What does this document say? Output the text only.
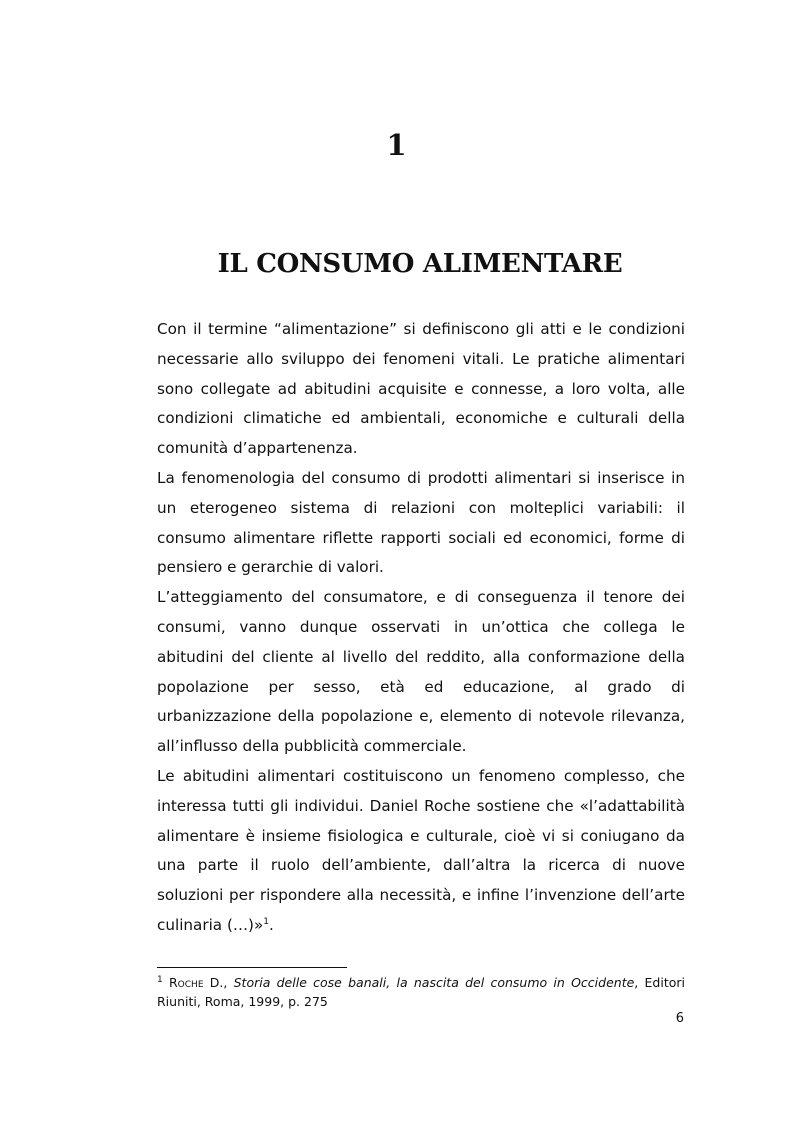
1
IL CONSUMO ALIMENTARE

Con il termine “alimentazione” si definiscono gli atti e le condizioni necessarie allo sviluppo dei fenomeni vitali. Le pratiche alimentari sono collegate ad abitudini acquisite e connesse, a loro volta, alle condizioni climatiche ed ambientali, economiche e culturali della comunità d’appartenenza.

La fenomenologia del consumo di prodotti alimentari si inserisce in un eterogeneo sistema di relazioni con molteplici variabili: il consumo alimentare riflette rapporti sociali ed economici, forme di pensiero e gerarchie di valori.

L’atteggiamento del consumatore, e di conseguenza il tenore dei consumi, vanno dunque osservati in un’ottica che collega le abitudini del cliente al livello del reddito, alla conformazione della popolazione per sesso, età ed educazione, al grado di urbanizzazione della popolazione e, elemento di notevole rilevanza, all’influsso della pubblicità commerciale.

Le abitudini alimentari costituiscono un fenomeno complesso, che interessa tutti gli individui. Daniel Roche sostiene che «l’adattabilità alimentare è insieme fisiologica e culturale, cioè vi si coniugano da una parte il ruolo dell’ambiente, dall’altra la ricerca di nuove soluzioni per rispondere alla necessità, e infine l’invenzione dell’arte culinaria (…)»$^1$.

$^1$ Roche D., Storia delle cose banali, la nascita del consumo in Occidente, Editori Riuniti, Roma, 1999, p. 275
6
